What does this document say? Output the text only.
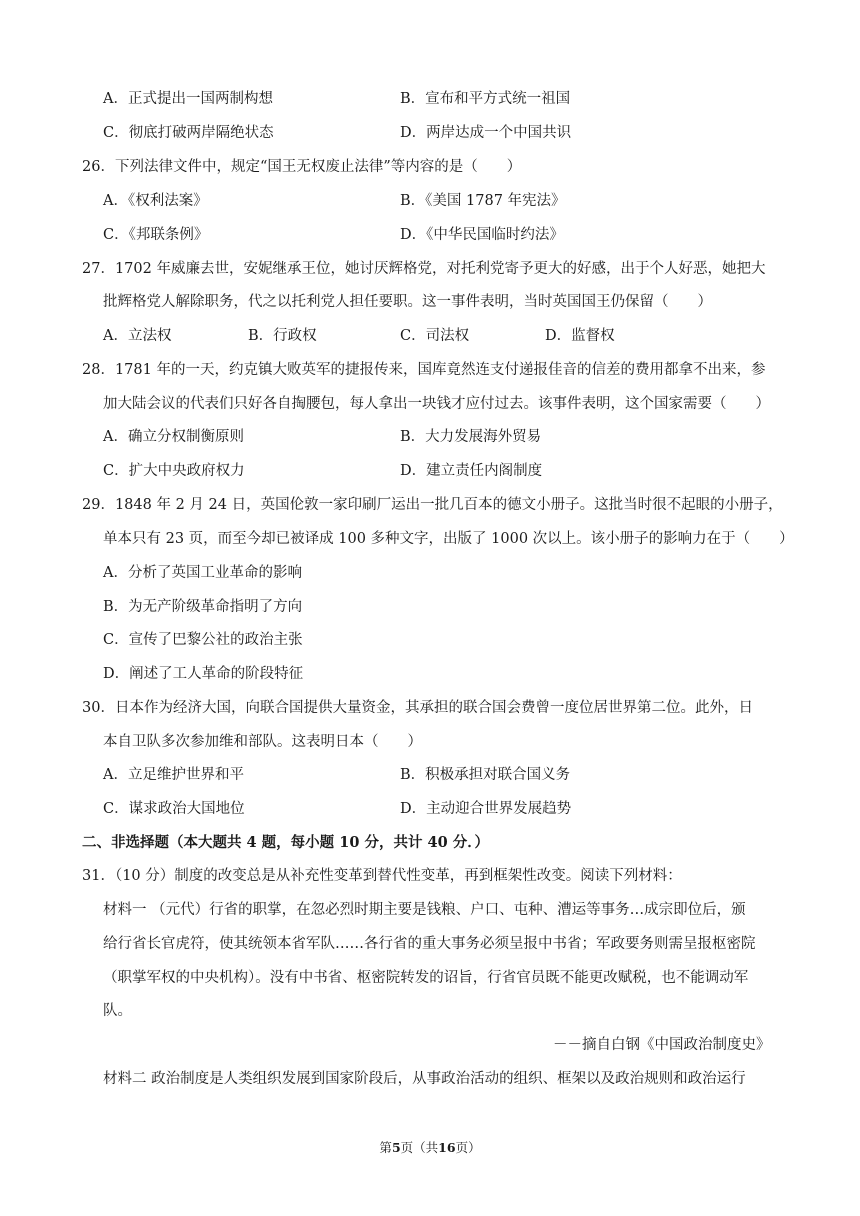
A．正式提出一国两制构想	B．宣布和平方式统一祖国
C．彻底打破两岸隔绝状态	D．两岸达成一个中国共识
26．下列法律文件中，规定“国王无权废止法律”等内容的是（　　）
A．《权利法案》	B．《美国 1787 年宪法》
C．《邦联条例》	D．《中华民国临时约法》
27．1702 年威廉去世，安妮继承王位，她讨厌辉格党，对托利党寄予更大的好感，出于个人好恶，她把大
批辉格党人解除职务，代之以托利党人担任要职。这一事件表明，当时英国国王仍保留（　　）
A．立法权	B．行政权	C．司法权	D．监督权
28．1781 年的一天，约克镇大败英军的捷报传来，国库竟然连支付递报佳音的信差的费用都拿不出来，参
加大陆会议的代表们只好各自掏腰包，每人拿出一块钱才应付过去。该事件表明，这个国家需要（　　）
A．确立分权制衡原则	B．大力发展海外贸易
C．扩大中央政府权力	D．建立责任内阁制度
29．1848 年 2 月 24 日，英国伦敦一家印刷厂运出一批几百本的德文小册子。这批当时很不起眼的小册子，
单本只有 23 页，而至今却已被译成 100 多种文字，出版了 1000 次以上。该小册子的影响力在于（　　）
A．分析了英国工业革命的影响
B．为无产阶级革命指明了方向
C．宣传了巴黎公社的政治主张
D．阐述了工人革命的阶段特征
30．日本作为经济大国，向联合国提供大量资金，其承担的联合国会费曾一度位居世界第二位。此外，日
本自卫队多次参加维和部队。这表明日本（　　）
A．立足维护世界和平	B．积极承担对联合国义务
C．谋求政治大国地位	D．主动迎合世界发展趋势
二、非选择题（本大题共 4 题，每小题 10 分，共计 40 分．）
31．（10 分）制度的改变总是从补充性变革到替代性变革，再到框架性改变。阅读下列材料：
材料一 （元代）行省的职掌，在忽必烈时期主要是钱粮、户口、屯种、漕运等事务…成宗即位后，颁
给行省长官虎符，使其统领本省军队……各行省的重大事务必须呈报中书省；军政要务则需呈报枢密院
（职掌军权的中央机构）。没有中书省、枢密院转发的诏旨，行省官员既不能更改赋税，也不能调动军
队。
－－摘自白钢《中国政治制度史》
材料二 政治制度是人类组织发展到国家阶段后，从事政治活动的组织、框架以及政治规则和政治运行
第5页（共16页）
